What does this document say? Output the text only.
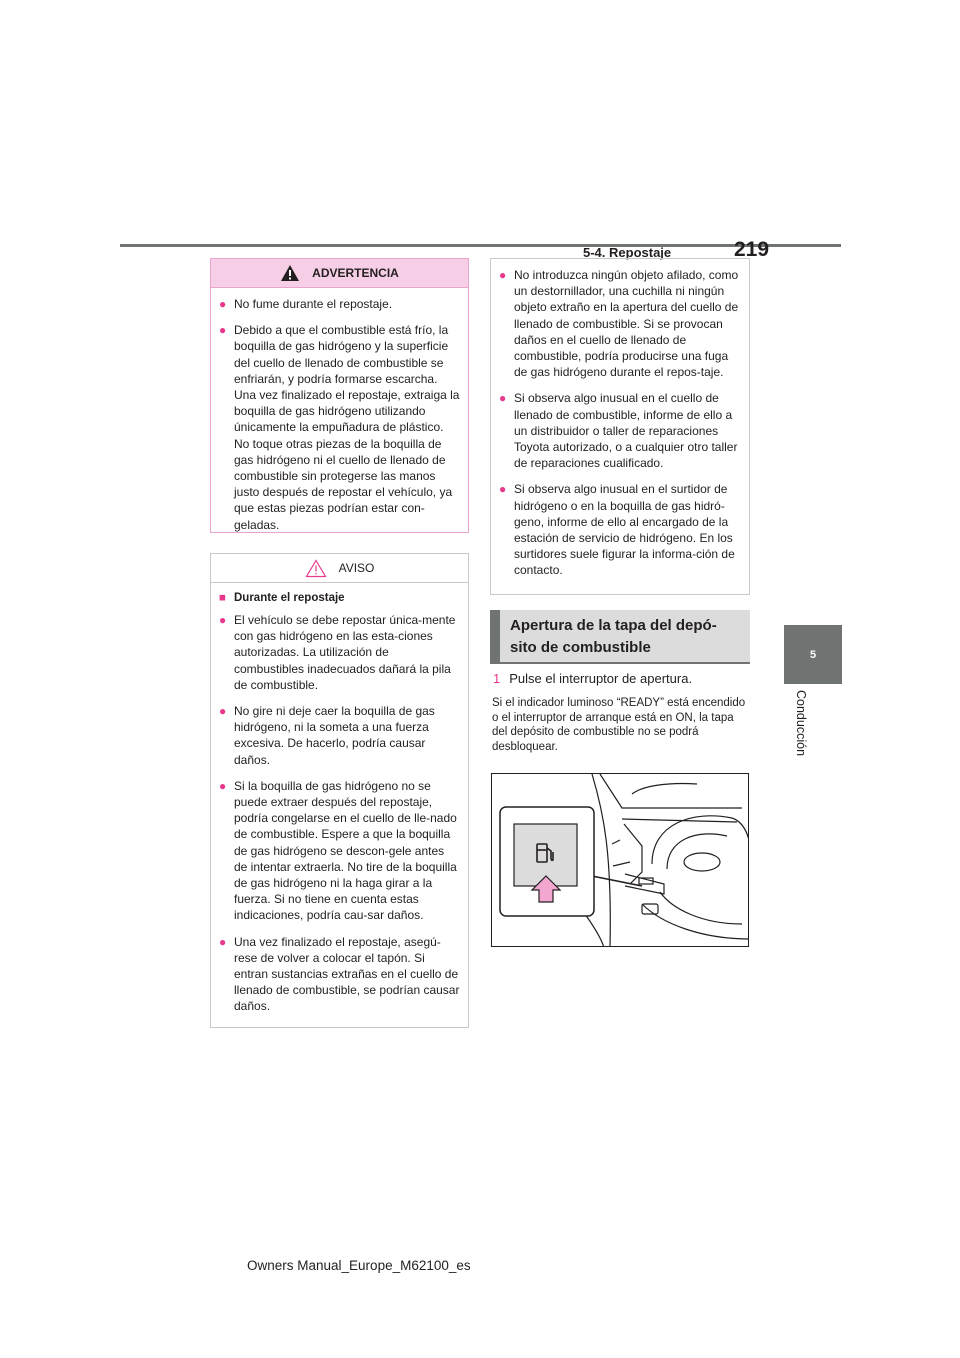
5-4. Repostaje	219
5
Conducción
ADVERTENCIA
●
No fume durante el repostaje.
●
Debido a que el combustible está frío, la boquilla de gas hidrógeno y la superficie del cuello de llenado de combustible se enfriarán, y podría formarse escarcha. Una vez finalizado el repostaje, extraiga la boquilla de gas hidrógeno utilizando únicamente la empuñadura de plástico. No toque otras piezas de la boquilla de gas hidrógeno ni el cuello de llenado de combustible sin protegerse las manos justo después de repostar el vehículo, ya que estas piezas podrían estar con-geladas.
AVISO
■
Durante el repostaje
●
El vehículo se debe repostar única-mente con gas hidrógeno en las esta-ciones autorizadas. La utilización de combustibles inadecuados dañará la pila de combustible.
●
No gire ni deje caer la boquilla de gas hidrógeno, ni la someta a una fuerza excesiva. De hacerlo, podría causar daños.
●
Si la boquilla de gas hidrógeno no se puede extraer después del repostaje, podría congelarse en el cuello de lle-nado de combustible. Espere a que la boquilla de gas hidrógeno se descon-gele antes de intentar extraerla. No tire de la boquilla de gas hidrógeno ni la haga girar a la fuerza. Si no tiene en cuenta estas indicaciones, podría cau-sar daños.
●
Una vez finalizado el repostaje, asegú-rese de volver a colocar el tapón. Si entran sustancias extrañas en el cuello de llenado de combustible, se podrían causar daños.
●
No introduzca ningún objeto afilado, como un destornillador, una cuchilla ni ningún objeto extraño en la apertura del cuello de llenado de combustible. Si se provocan daños en el cuello de llenado de combustible, podría producirse una fuga de gas hidrógeno durante el repos-taje.
●
Si observa algo inusual en el cuello de llenado de combustible, informe de ello a un distribuidor o taller de reparaciones Toyota autorizado, o a cualquier otro taller de reparaciones cualificado.
●
Si observa algo inusual en el surtidor de hidrógeno o en la boquilla de gas hidró-geno, informe de ello al encargado de la estación de servicio de hidrógeno. En los surtidores suele figurar la informa-ción de contacto.
Apertura de la tapa del depó-sito de combustible
1 Pulse el interruptor de apertura.
Si el indicador luminoso “READY” está encendido o el interruptor de arranque está en ON, la tapa del depósito de combustible no se podrá desbloquear.
Owners Manual_Europe_M62100_es
